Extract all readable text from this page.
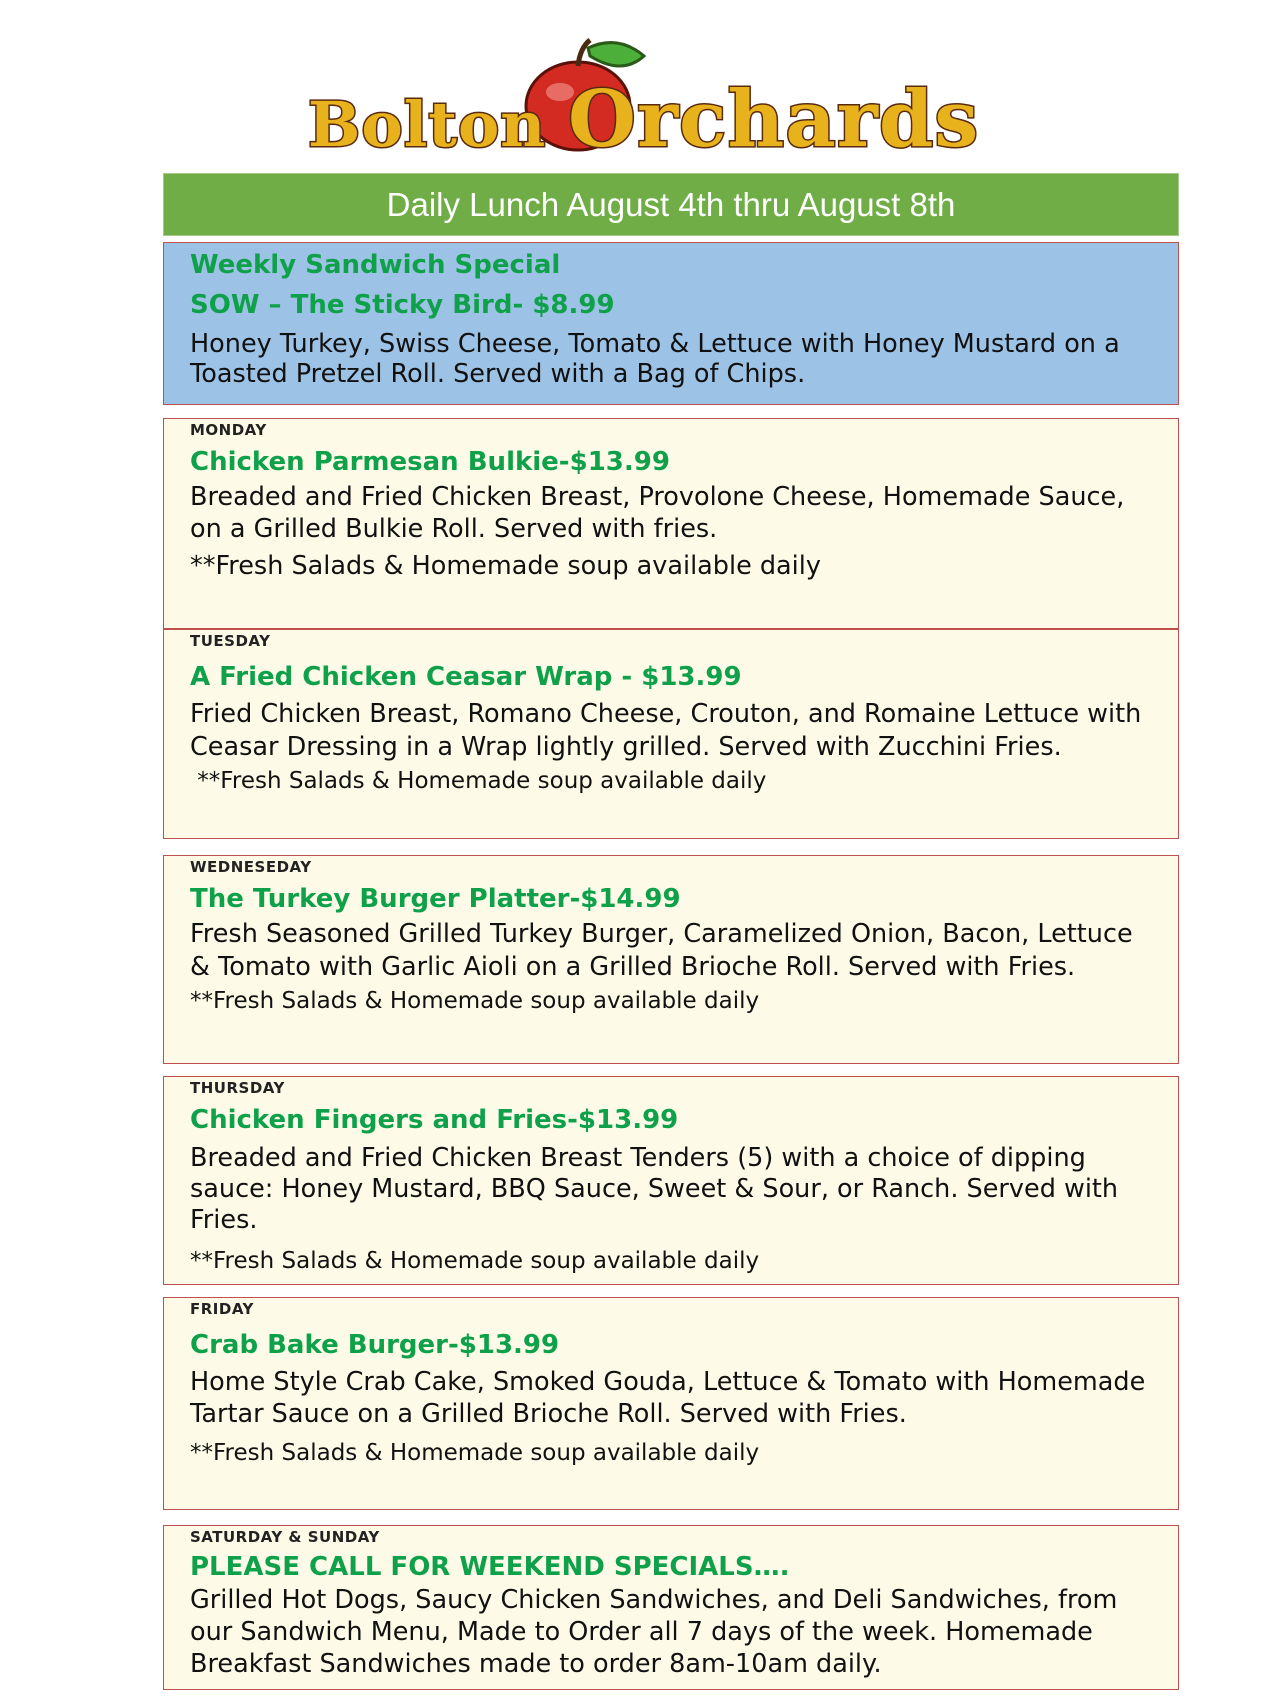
Bolton Orchards
Daily Lunch August 4th thru August 8th
Weekly Sandwich Special
SOW – The Sticky Bird- $8.99
Honey Turkey, Swiss Cheese, Tomato & Lettuce with Honey Mustard on a Toasted Pretzel Roll. Served with a Bag of Chips.
MONDAY
Chicken Parmesan Bulkie-$13.99
Breaded and Fried Chicken Breast, Provolone Cheese, Homemade Sauce, on a Grilled Bulkie Roll. Served with fries.
**Fresh Salads & Homemade soup available daily
TUESDAY
A Fried Chicken Ceasar Wrap - $13.99
Fried Chicken Breast, Romano Cheese, Crouton, and Romaine Lettuce with Ceasar Dressing in a Wrap lightly grilled. Served with Zucchini Fries.
**Fresh Salads & Homemade soup available daily
WEDNESEDAY
The Turkey Burger Platter-$14.99
Fresh Seasoned Grilled Turkey Burger, Caramelized Onion, Bacon, Lettuce & Tomato with Garlic Aioli on a Grilled Brioche Roll. Served with Fries.
**Fresh Salads & Homemade soup available daily
THURSDAY
Chicken Fingers and Fries-$13.99
Breaded and Fried Chicken Breast Tenders (5) with a choice of dipping sauce: Honey Mustard, BBQ Sauce, Sweet & Sour, or Ranch. Served with Fries.
**Fresh Salads & Homemade soup available daily
FRIDAY
Crab Bake Burger-$13.99
Home Style Crab Cake, Smoked Gouda, Lettuce & Tomato with Homemade Tartar Sauce on a Grilled Brioche Roll. Served with Fries.
**Fresh Salads & Homemade soup available daily
SATURDAY & SUNDAY
PLEASE CALL FOR WEEKEND SPECIALS….
Grilled Hot Dogs, Saucy Chicken Sandwiches, and Deli Sandwiches, from our Sandwich Menu, Made to Order all 7 days of the week. Homemade Breakfast Sandwiches made to order 8am-10am daily.
